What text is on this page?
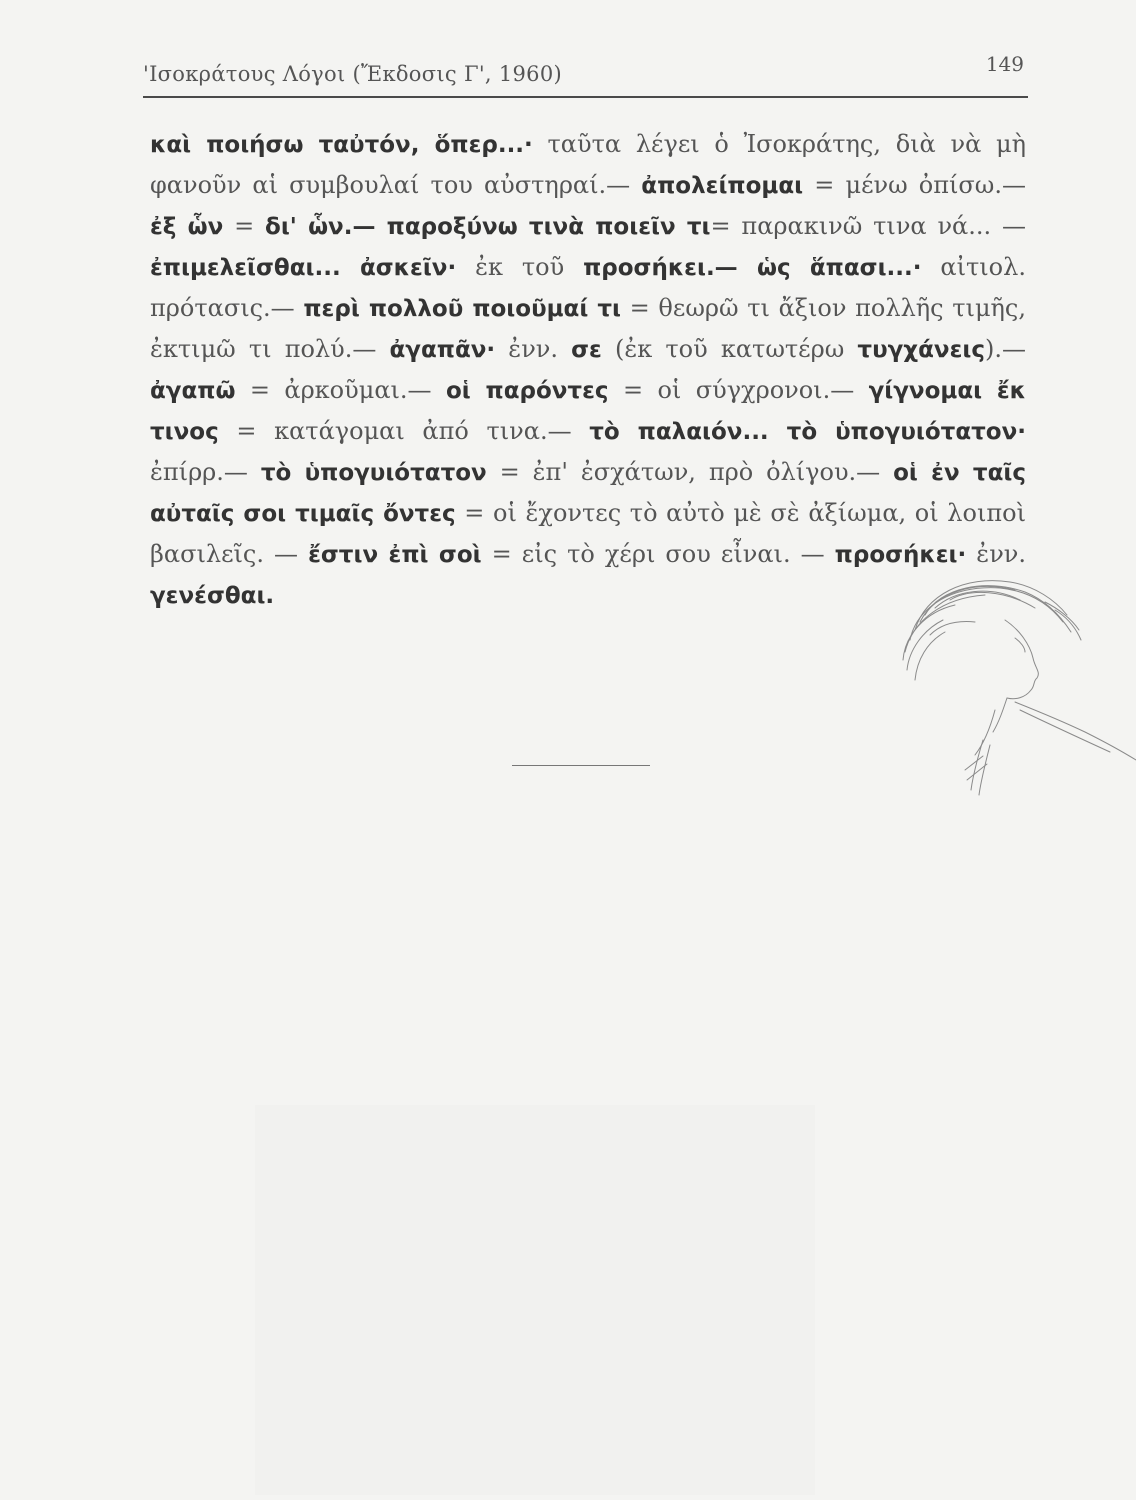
'Ισοκράτους Λόγοι (Ἔκδοσις Γ', 1960)	149
καὶ ποιήσω ταὐτόν, ὅπερ...· ταῦτα λέγει ὁ Ἰσοκράτης, διὰ νὰ μὴ φανοῦν αἱ συμβουλαί του αὐστηραί.— ἀπολείπομαι = μένω ὀπίσω.— ἐξ ὧν = δι' ὧν.— παροξύνω τινὰ ποιεῖν τι= παρακινῶ τινα νά... — ἐπιμελεῖσθαι... ἀσκεῖν· ἐκ τοῦ προσήκει.— ὡς ἅπασι...· αἰτιολ. πρότασις.— περὶ πολλοῦ ποιοῦμαί τι = θεωρῶ τι ἄξιον πολλῆς τιμῆς, ἐκτιμῶ τι πολύ.— ἀγαπᾶν· ἐνν. σε (ἐκ τοῦ κατωτέρω τυγχάνεις).— ἀγαπῶ = ἀρκοῦμαι.— οἱ παρόντες = οἱ σύγχρονοι.— γίγνομαι ἔκ τινος = κατάγομαι ἀπό τινα.— τὸ παλαιόν... τὸ ὑπογυιότατον· ἐπίρρ.— τὸ ὑπογυιότατον = ἐπ' ἐσχάτων, πρὸ ὀλίγου.— οἱ ἐν ταῖς αὐταῖς σοι τιμαῖς ὄντες = οἱ ἔχοντες τὸ αὐτὸ μὲ σὲ ἀξίωμα, οἱ λοιποὶ βασιλεῖς. — ἔστιν ἐπὶ σοὶ = εἰς τὸ χέρι σου εἶναι. — προσήκει· ἐνν. γενέσθαι.
